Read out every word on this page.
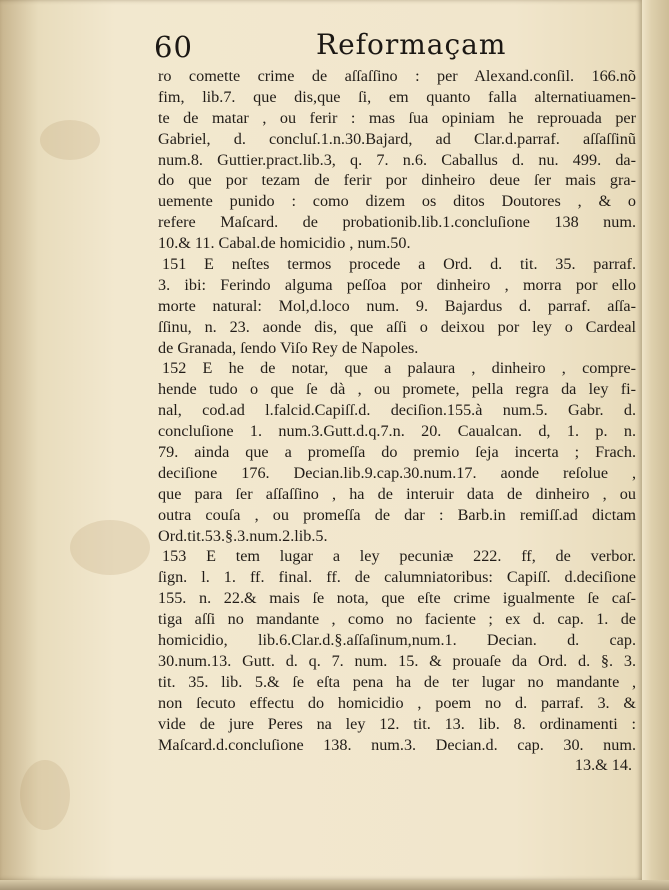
60	Reformaçam
ro comette crime de aſſaſſino : per Alexand.conſil. 166.nõ
fim, lib.7. que dis,que ſi, em quanto falla alternatiuamen-
te de matar , ou ferir : mas ſua opiniam he reprouada per
Gabriel, d. concluſ.1.n.30.Bajard, ad Clar.d.parraf. aſſaſſinũ
num.8. Guttier.pract.lib.3, q. 7. n.6. Caballus d. nu. 499. da-
do que por tezam de ferir por dinheiro deue ſer mais gra-
uemente punido : como dizem os ditos Doutores , & o
refere Maſcard. de probationib.lib.1.concluſione 138 num.
10.& 11. Cabal.de homicidio , num.50.
151 E neſtes termos procede a Ord. d. tit. 35. parraf.
3. ibi: Ferindo alguma peſſoa por dinheiro , morra por ello
morte natural: Mol,d.loco num. 9. Bajardus d. parraf. aſſa-
ſſinu, n. 23. aonde dis, que aſſi o deixou por ley o Cardeal
de Granada, ſendo Viſo Rey de Napoles.
152 E he de notar, que a palaura , dinheiro , compre-
hende tudo o que ſe dà , ou promete, pella regra da ley fi-
nal, cod.ad l.falcid.Capiſſ.d. deciſion.155.à num.5. Gabr. d.
concluſione 1. num.3.Gutt.d.q.7.n. 20. Caualcan. d, 1. p. n.
79. ainda que a promeſſa do premio ſeja incerta ; Frach.
deciſione 176. Decian.lib.9.cap.30.num.17. aonde reſolue ,
que para ſer aſſaſſino , ha de interuir data de dinheiro , ou
outra couſa , ou promeſſa de dar : Barb.in remiſſ.ad dictam
Ord.tit.53.§.3.num.2.lib.5.
153 E tem lugar a ley pecuniæ 222. ff, de verbor.
ſign. l. 1. ff. final. ff. de calumniatoribus: Capiſſ. d.deciſione
155. n. 22.& mais ſe nota, que eſte crime igualmente ſe caſ-
tiga aſſi no mandante , como no faciente ; ex d. cap. 1. de
homicidio, lib.6.Clar.d.§.aſſaſinum,num.1. Decian. d. cap.
30.num.13. Gutt. d. q. 7. num. 15. & prouaſe da Ord. d. §. 3.
tit. 35. lib. 5.& ſe eſta pena ha de ter lugar no mandante ,
non ſecuto effectu do homicidio , poem no d. parraf. 3. &
vide de jure Peres na ley 12. tit. 13. lib. 8. ordinamenti :
Maſcard.d.concluſione 138. num.3. Decian.d. cap. 30. num.
13.& 14.
